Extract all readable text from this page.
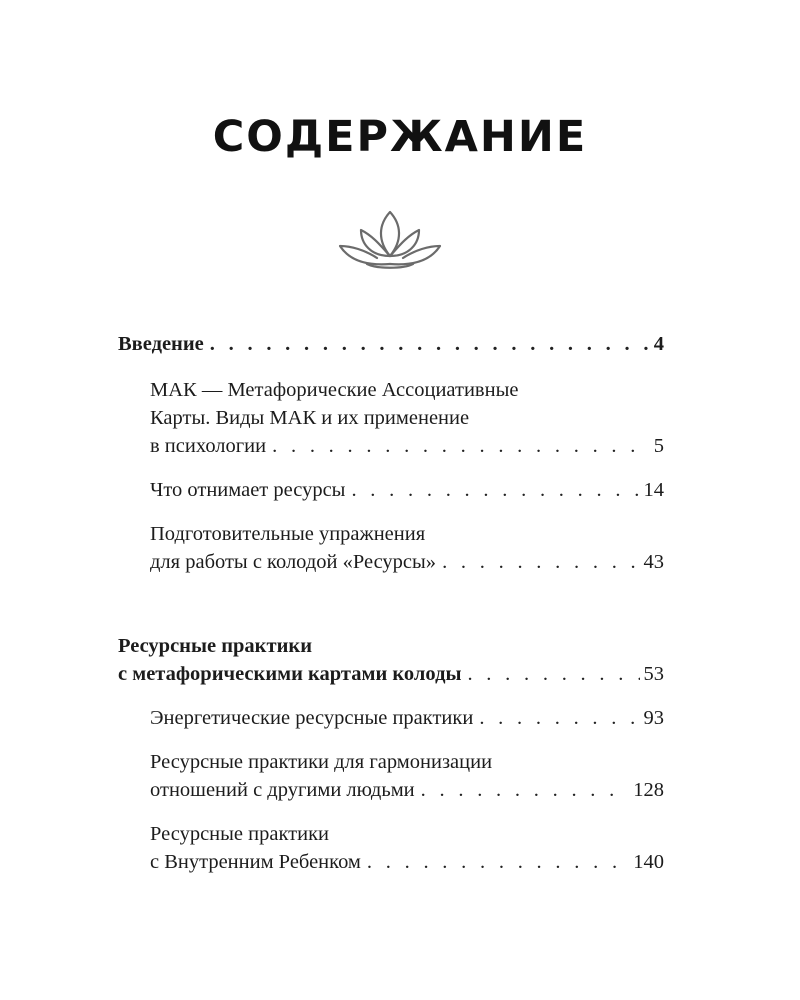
СОДЕРЖАНИЕ
Введение . . .	4
МАК — Метафорические Ассоциативные
Карты. Виды МАК и их применение
в психологии . . .	5
Что отнимает ресурсы . . .	14
Подготовительные упражнения
для работы с колодой «Ресурсы» . . .	43
Ресурсные практики
с метафорическими картами колоды . . .	53
Энергетические ресурсные практики . . .	93
Ресурсные практики для гармонизации
отношений с другими людьми . . .	128
Ресурсные практики
с Внутренним Ребенком . . .	140
